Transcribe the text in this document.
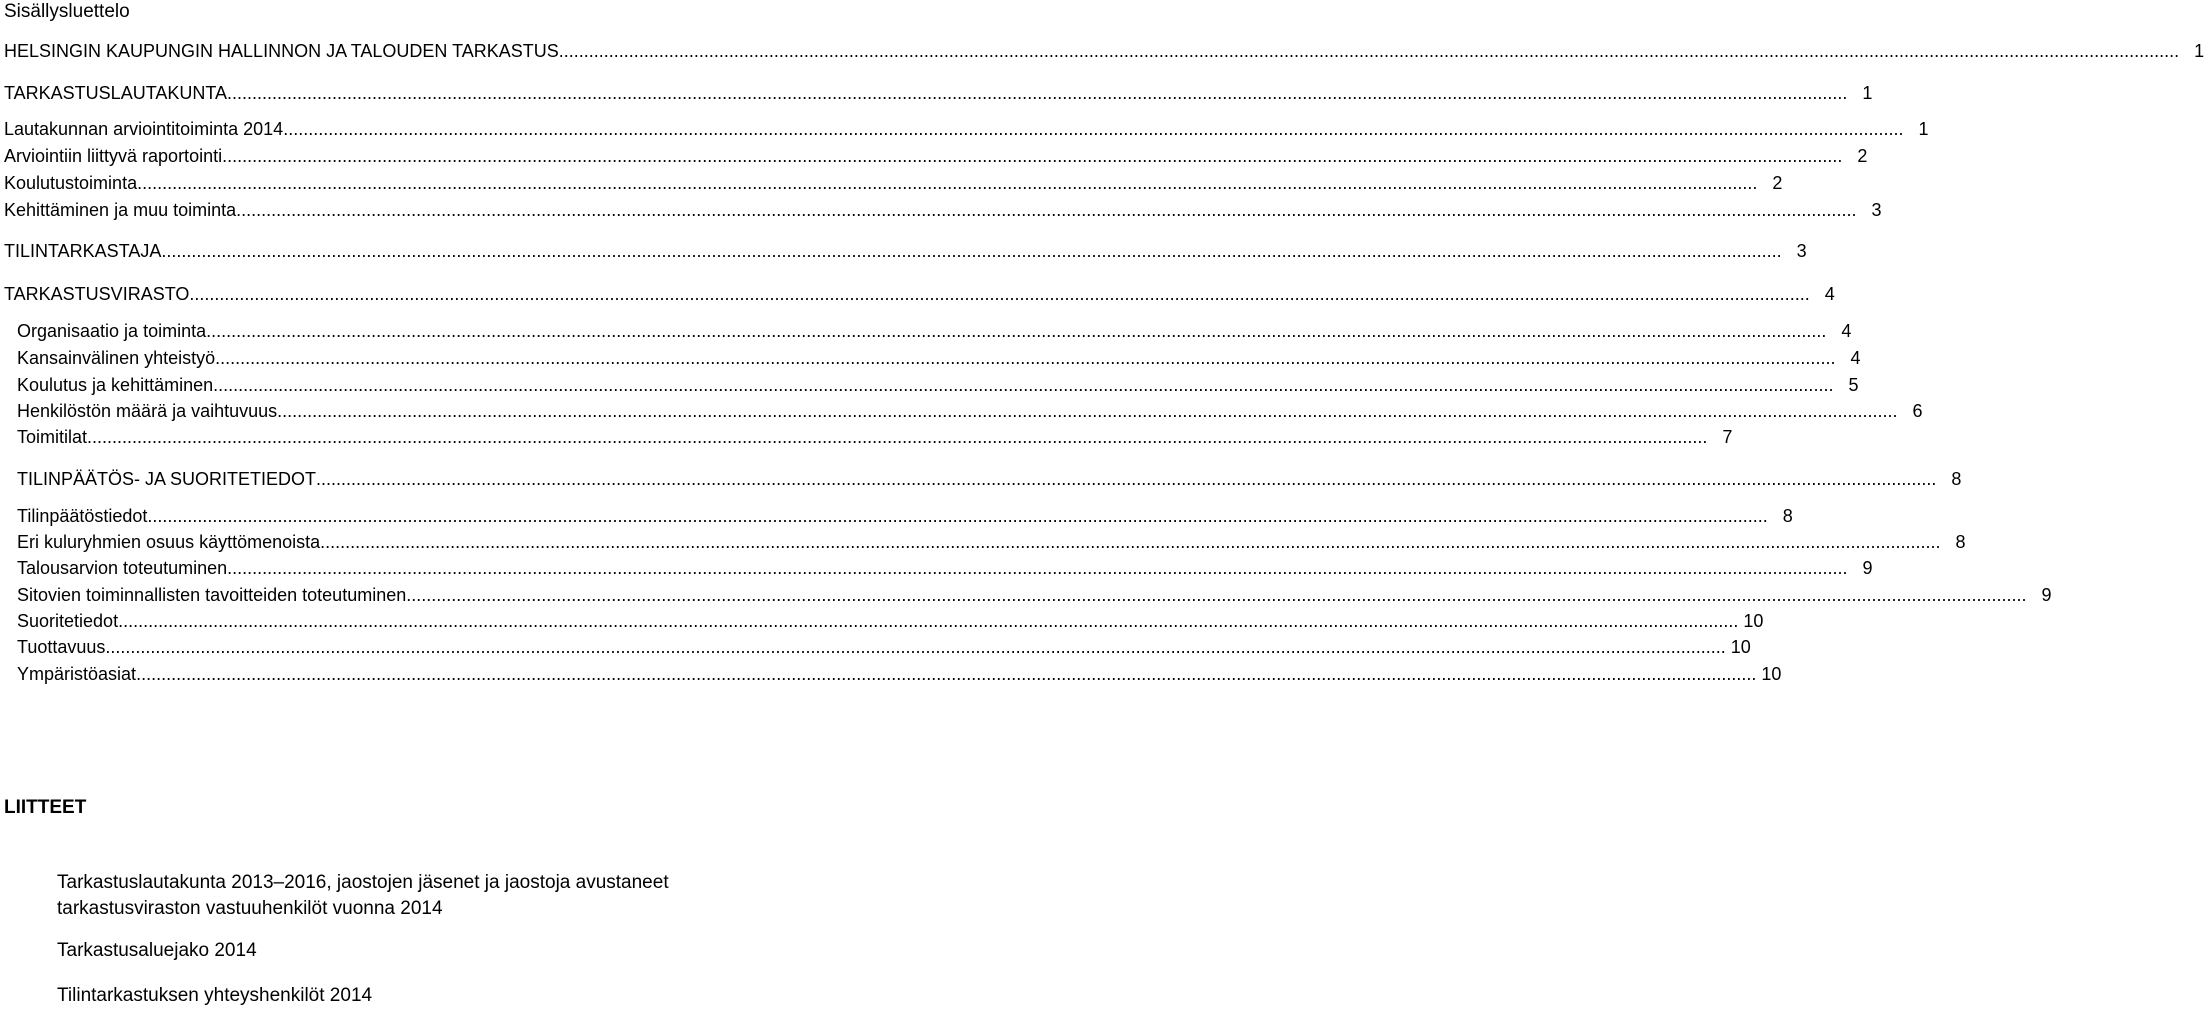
Sisällysluettelo
HELSINGIN KAUPUNGIN HALLINNON JA TALOUDEN TARKASTUS .....	1
TARKASTUSLAUTAKUNTA .....	1
Lautakunnan arviointitoiminta 2014 .....	1
Arviointiin liittyvä raportointi .....	2
Koulutustoiminta .....	2
Kehittäminen ja muu toiminta .....	3
TILINTARKASTAJA .....	3
TARKASTUSVIRASTO .....	4
Organisaatio ja toiminta .....	4
Kansainvälinen yhteistyö .....	4
Koulutus ja kehittäminen .....	5
Henkilöstön määrä ja vaihtuvuus .....	6
Toimitilat .....	7
TILINPÄÄTÖS- JA SUORITETIEDOT .....	8
Tilinpäätöstiedot .....	8
Eri kuluryhmien osuus käyttömenoista .....	8
Talousarvion toteutuminen .....	9
Sitovien toiminnallisten tavoitteiden toteutuminen .....	9
Suoritetiedot .....	10
Tuottavuus .....	10
Ympäristöasiat .....	10
LIITTEET
Tarkastuslautakunta 2013–2016, jaostojen jäsenet ja jaostoja avustaneet
tarkastusviraston vastuuhenkilöt vuonna 2014
Tarkastusaluejako 2014
Tilintarkastuksen yhteyshenkilöt 2014
